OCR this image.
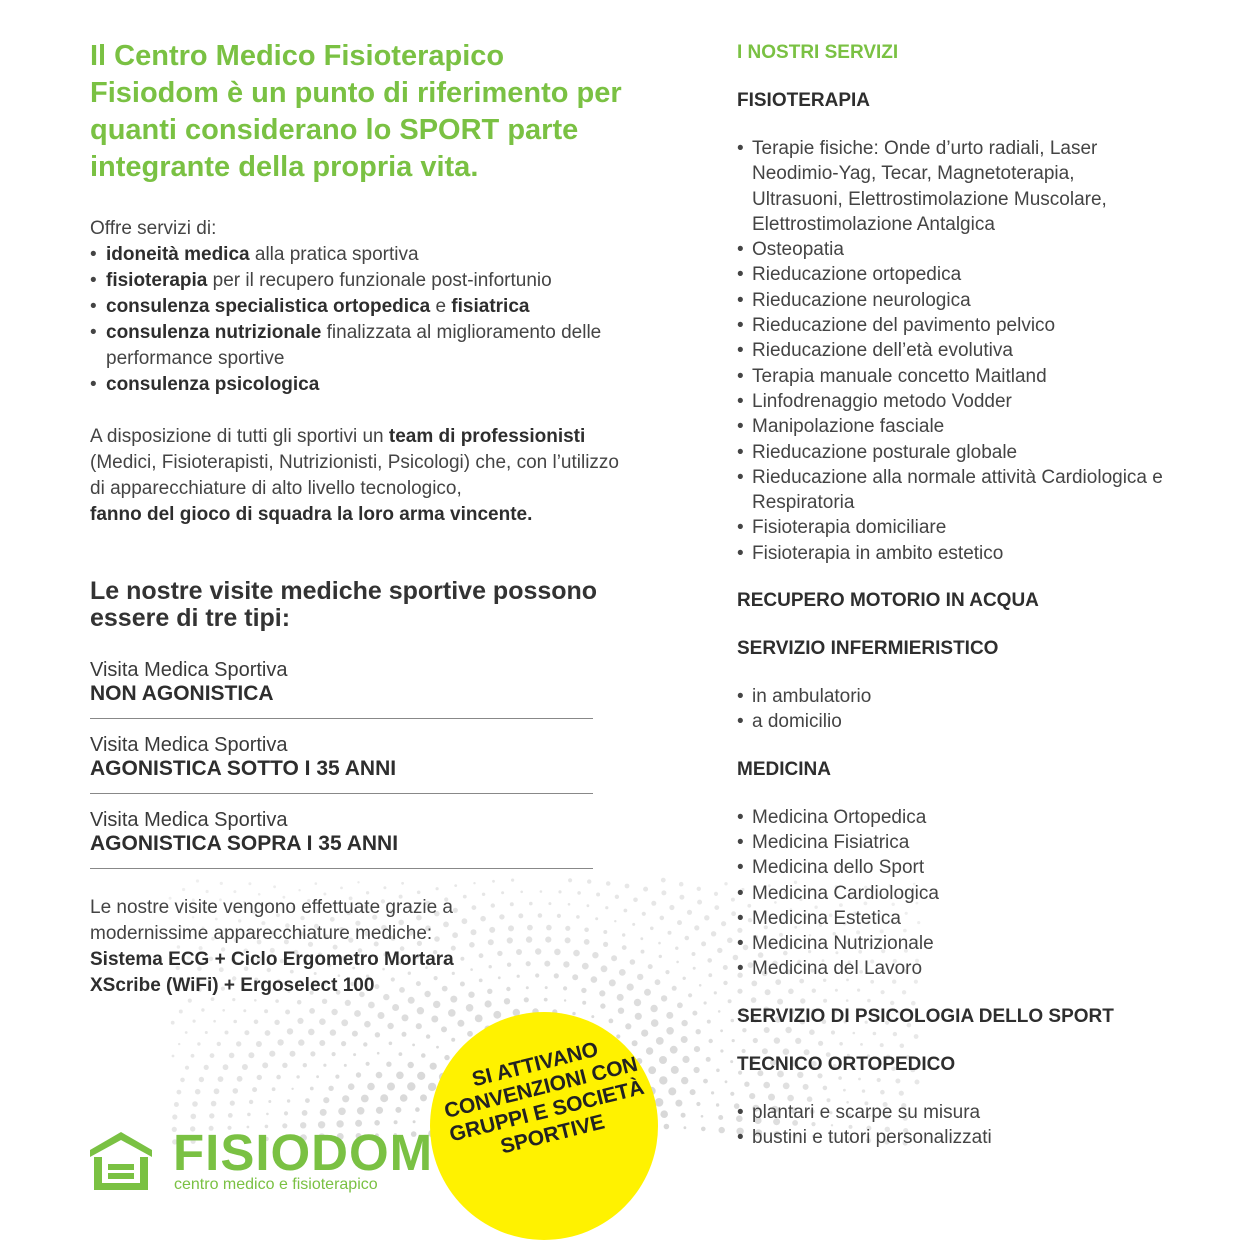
Il Centro Medico Fisioterapico Fisiodom è un punto di riferimento per quanti considerano lo SPORT parte integrante della propria vita.

Offre servizi di:
• idoneità medica alla pratica sportiva
• fisioterapia per il recupero funzionale post-infortunio
• consulenza specialistica ortopedica e fisiatrica
• consulenza nutrizionale finalizzata al miglioramento delle performance sportive
• consulenza psicologica
A disposizione di tutti gli sportivi un team di professionisti (Medici, Fisioterapisti, Nutrizionisti, Psicologi) che, con l’utilizzo di apparecchiature di alto livello tecnologico,
fanno del gioco di squadra la loro arma vincente.
Le nostre visite mediche sportive possono essere di tre tipi:
Visita Medica Sportiva
NON AGONISTICA
Visita Medica Sportiva
AGONISTICA SOTTO I 35 ANNI
Visita Medica Sportiva
AGONISTICA SOPRA I 35 ANNI
Le nostre visite vengono effettuate grazie a modernissime apparecchiature mediche:
Sistema ECG + Ciclo Ergometro Mortara XScribe (WiFi) + Ergoselect 100
I NOSTRI SERVIZI
FISIOTERAPIA
• Terapie fisiche: Onde d’urto radiali, Laser Neodimio-Yag, Tecar, Magnetoterapia, Ultrasuoni, Elettrostimolazione Muscolare, Elettrostimolazione Antalgica
• Osteopatia
• Rieducazione ortopedica
• Rieducazione neurologica
• Rieducazione del pavimento pelvico
• Rieducazione dell’età evolutiva
• Terapia manuale concetto Maitland
• Linfodrenaggio metodo Vodder
• Manipolazione fasciale
• Rieducazione posturale globale
• Rieducazione alla normale attività Cardiologica e Respiratoria
• Fisioterapia domiciliare
• Fisioterapia in ambito estetico
RECUPERO MOTORIO IN ACQUA
SERVIZIO INFERMIERISTICO
• in ambulatorio
• a domicilio
MEDICINA
• Medicina Ortopedica
• Medicina Fisiatrica
• Medicina dello Sport
• Medicina Cardiologica
• Medicina Estetica
• Medicina Nutrizionale
• Medicina del Lavoro
SERVIZIO DI PSICOLOGIA DELLO SPORT
TECNICO ORTOPEDICO
• plantari e scarpe su misura
• bustini e tutori personalizzati
SI ATTIVANO CONVENZIONI CON GRUPPI E SOCIETÀ SPORTIVE
FISIODOM
centro medico e fisioterapico
